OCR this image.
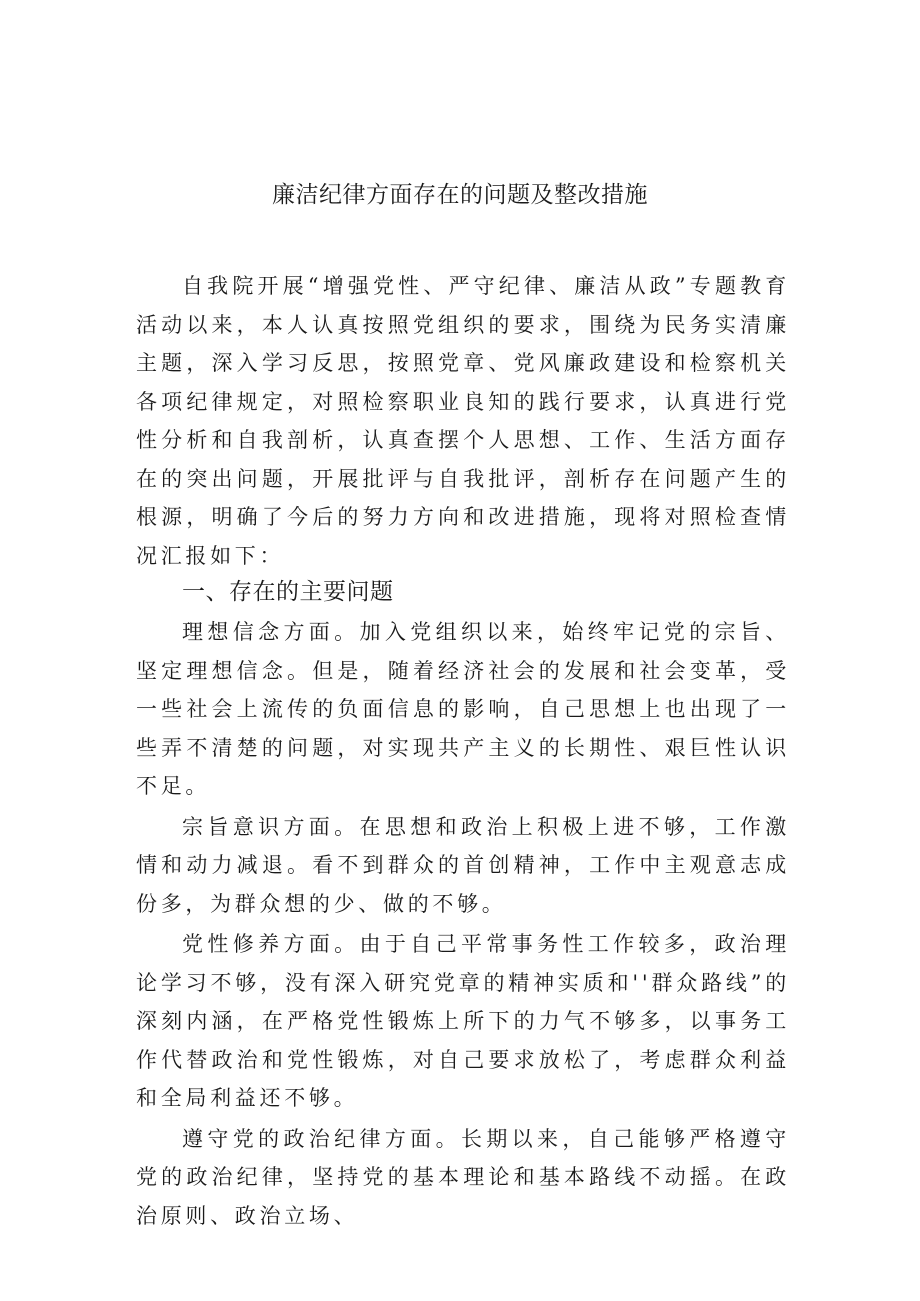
廉洁纪律方面存在的问题及整改措施

自我院开展“增强党性、严守纪律、廉洁从政”专题教育活动以来，本人认真按照党组织的要求，围绕为民务实清廉主题，深入学习反思，按照党章、党风廉政建设和检察机关各项纪律规定，对照检察职业良知的践行要求，认真进行党性分析和自我剖析，认真查摆个人思想、工作、生活方面存在的突出问题，开展批评与自我批评，剖析存在问题产生的根源，明确了今后的努力方向和改进措施，现将对照检查情况汇报如下：

一、存在的主要问题

理想信念方面。加入党组织以来，始终牢记党的宗旨、坚定理想信念。但是，随着经济社会的发展和社会变革，受一些社会上流传的负面信息的影响，自己思想上也出现了一些弄不清楚的问题，对实现共产主义的长期性、艰巨性认识不足。

宗旨意识方面。在思想和政治上积极上进不够，工作激情和动力减退。看不到群众的首创精神，工作中主观意志成份多，为群众想的少、做的不够。

党性修养方面。由于自己平常事务性工作较多，政治理论学习不够，没有深入研究党章的精神实质和''群众路线”的深刻内涵，在严格党性锻炼上所下的力气不够多，以事务工作代替政治和党性锻炼，对自己要求放松了，考虑群众利益和全局利益还不够。

遵守党的政治纪律方面。长期以来，自己能够严格遵守党的政治纪律，坚持党的基本理论和基本路线不动摇。在政治原则、政治立场、
